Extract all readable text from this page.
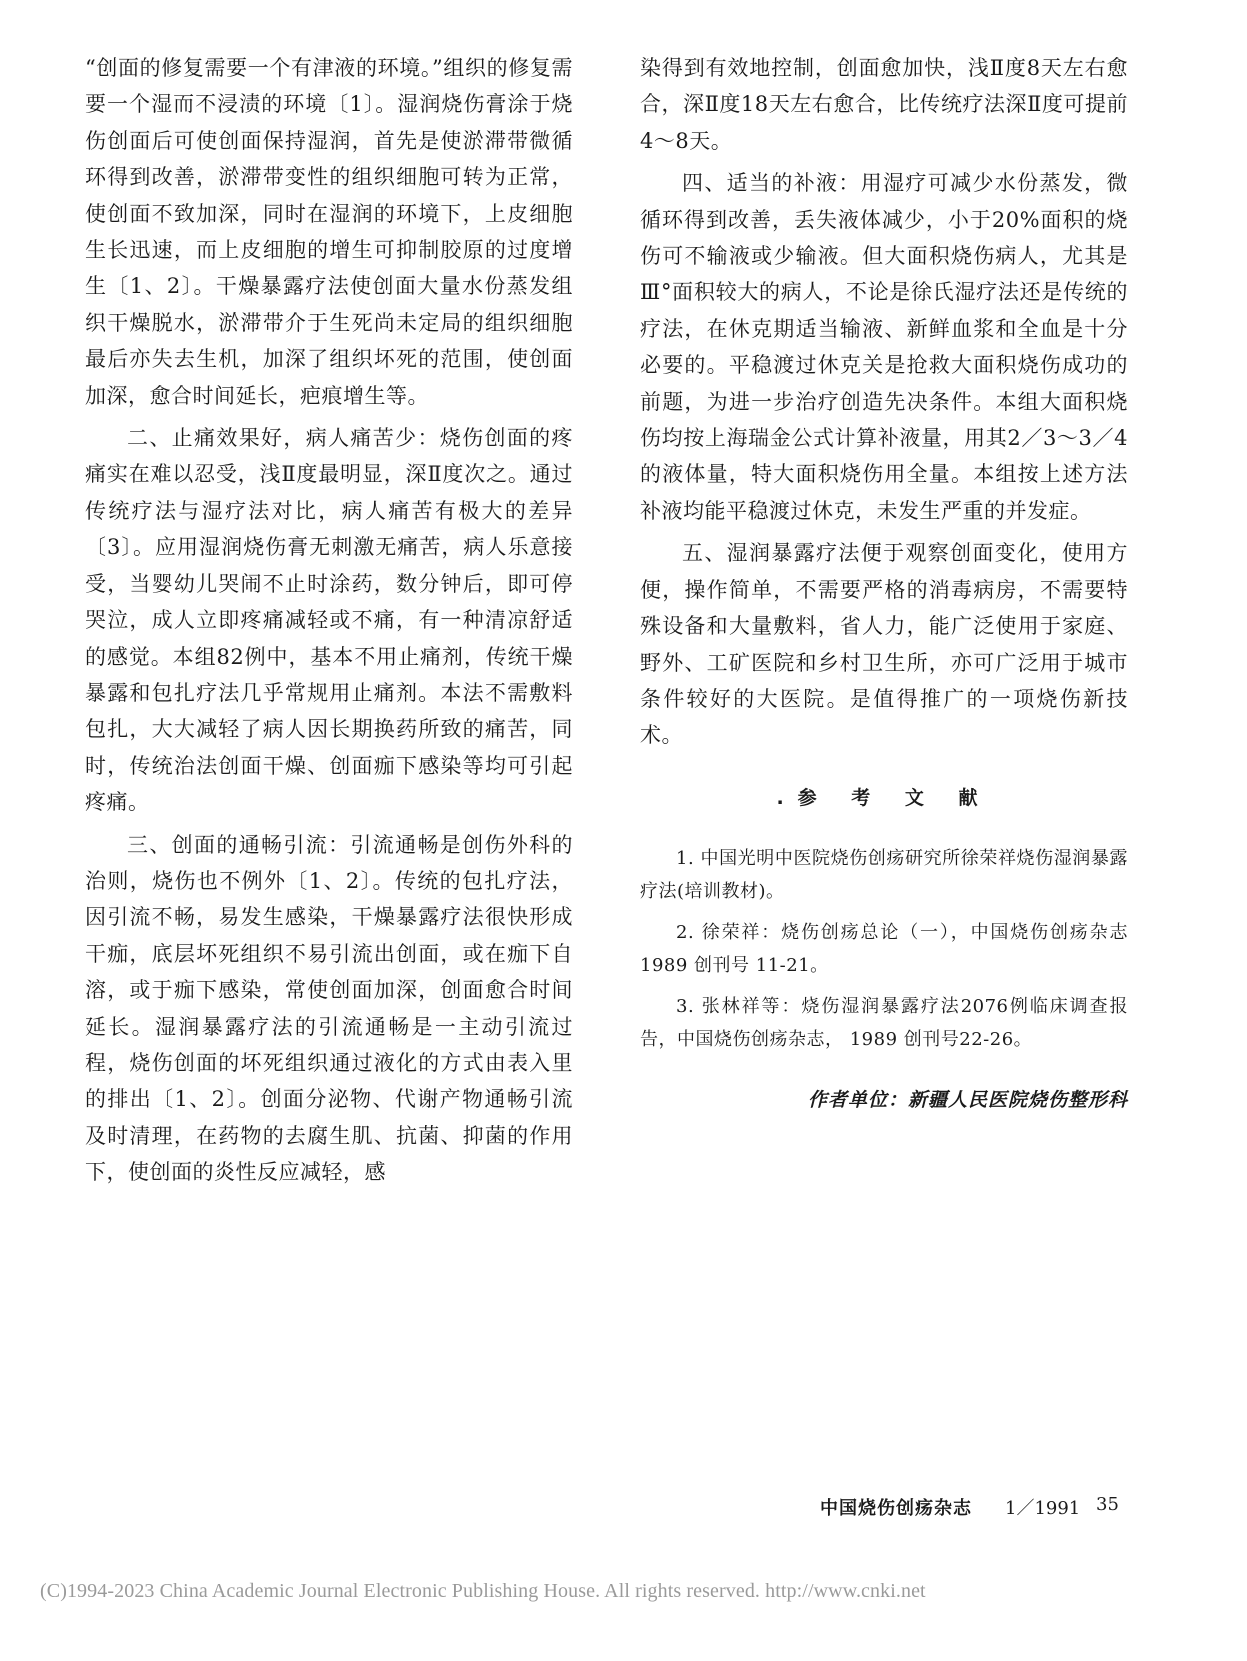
“创面的修复需要一个有津液的环境。”组织的修复需要一个湿而不浸渍的环境〔1〕。湿润烧伤膏涂于烧伤创面后可使创面保持湿润，首先是使淤滞带微循环得到改善，淤滞带变性的组织细胞可转为正常，使创面不致加深，同时在湿润的环境下，上皮细胞生长迅速，而上皮细胞的增生可抑制胶原的过度增生〔1、2〕。干燥暴露疗法使创面大量水份蒸发组织干燥脱水，淤滞带介于生死尚未定局的组织细胞最后亦失去生机，加深了组织坏死的范围，使创面加深，愈合时间延长，疤痕增生等。

二、止痛效果好，病人痛苦少：烧伤创面的疼痛实在难以忍受，浅Ⅱ度最明显，深Ⅱ度次之。通过传统疗法与湿疗法对比，病人痛苦有极大的差异〔3〕。应用湿润烧伤膏无刺激无痛苦，病人乐意接受，当婴幼儿哭闹不止时涂药，数分钟后，即可停哭泣，成人立即疼痛减轻或不痛，有一种清凉舒适的感觉。本组82例中，基本不用止痛剂，传统干燥暴露和包扎疗法几乎常规用止痛剂。本法不需敷料包扎，大大减轻了病人因长期换药所致的痛苦，同时，传统治法创面干燥、创面痂下感染等均可引起疼痛。

三、创面的通畅引流：引流通畅是创伤外科的治则，烧伤也不例外〔1、2〕。传统的包扎疗法，因引流不畅，易发生感染，干燥暴露疗法很快形成干痂，底层坏死组织不易引流出创面，或在痂下自溶，或于痂下感染，常使创面加深，创面愈合时间延长。湿润暴露疗法的引流通畅是一主动引流过程，烧伤创面的坏死组织通过液化的方式由表入里的排出〔1、2〕。创面分泌物、代谢产物通畅引流及时清理，在药物的去腐生肌、抗菌、抑菌的作用下，使创面的炎性反应减轻，感

染得到有效地控制，创面愈加快，浅Ⅱ度8天左右愈合，深Ⅱ度18天左右愈合，比传统疗法深Ⅱ度可提前4～8天。

四、适当的补液：用湿疗可减少水份蒸发，微循环得到改善，丢失液体减少，小于20%面积的烧伤可不输液或少输液。但大面积烧伤病人，尤其是Ⅲ°面积较大的病人，不论是徐氏湿疗法还是传统的疗法，在休克期适当输液、新鲜血浆和全血是十分必要的。平稳渡过休克关是抢救大面积烧伤成功的前题，为进一步治疗创造先决条件。本组大面积烧伤均按上海瑞金公式计算补液量，用其2／3～3／4的液体量，特大面积烧伤用全量。本组按上述方法补液均能平稳渡过休克，未发生严重的并发症。

五、湿润暴露疗法便于观察创面变化，使用方便，操作简单，不需要严格的消毒病房，不需要特殊设备和大量敷料，省人力，能广泛使用于家庭、野外、工矿医院和乡村卫生所，亦可广泛用于城市条件较好的大医院。是值得推广的一项烧伤新技术。

.参 考 文 献

1. 中国光明中医院烧伤创疡研究所徐荣祥烧伤湿润暴露疗法(培训教材)。

2. 徐荣祥：烧伤创疡总论（一），中国烧伤创疡杂志 1989 创刊号 11-21。

3. 张林祥等：烧伤湿润暴露疗法2076例临床调查报告，中国烧伤创疡杂志， 1989 创刊号22-26。

作者单位：新疆人民医院烧伤整形科
中国烧伤创疡杂志 1／1991 35
(C)1994-2023 China Academic Journal Electronic Publishing House. All rights reserved. http://www.cnki.net
